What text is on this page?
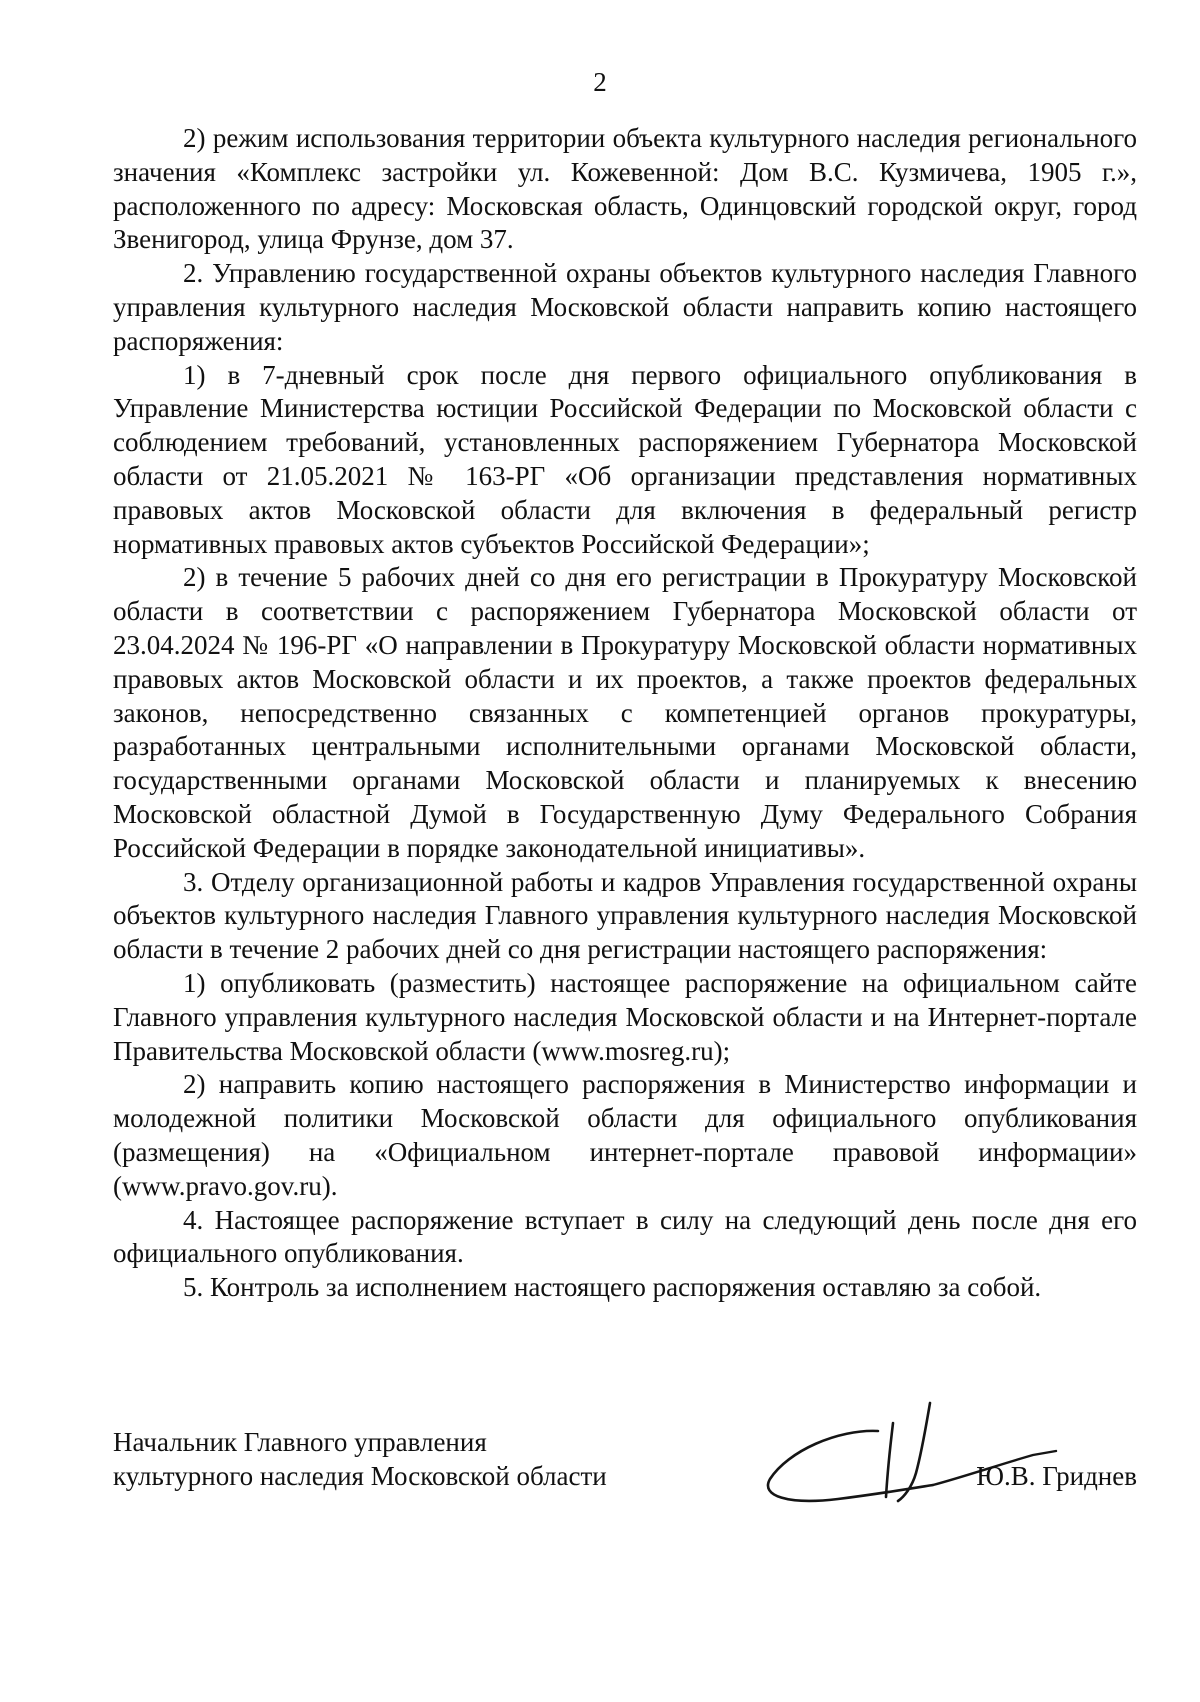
2

2) режим использования территории объекта культурного наследия регионального значения «Комплекс застройки ул. Кожевенной: Дом В.С. Кузмичева, 1905 г.», расположенного по адресу: Московская область, Одинцовский городской округ, город Звенигород, улица Фрунзе, дом 37.

2. Управлению государственной охраны объектов культурного наследия Главного управления культурного наследия Московской области направить копию настоящего распоряжения:

1) в 7-дневный срок после дня первого официального опубликования в Управление Министерства юстиции Российской Федерации по Московской области с соблюдением требований, установленных распоряжением Губернатора Московской области от 21.05.2021 № 163-РГ «Об организации представления нормативных правовых актов Московской области для включения в федеральный регистр нормативных правовых актов субъектов Российской Федерации»;

2) в течение 5 рабочих дней со дня его регистрации в Прокуратуру Московской области в соответствии с распоряжением Губернатора Московской области от 23.04.2024 № 196-РГ «О направлении в Прокуратуру Московской области нормативных правовых актов Московской области и их проектов, а также проектов федеральных законов, непосредственно связанных с компетенцией органов прокуратуры, разработанных центральными исполнительными органами Московской области, государственными органами Московской области и планируемых к внесению Московской областной Думой в Государственную Думу Федерального Собрания Российской Федерации в порядке законодательной инициативы».

3. Отделу организационной работы и кадров Управления государственной охраны объектов культурного наследия Главного управления культурного наследия Московской области в течение 2 рабочих дней со дня регистрации настоящего распоряжения:

1) опубликовать (разместить) настоящее распоряжение на официальном сайте Главного управления культурного наследия Московской области и на Интернет-портале Правительства Московской области (www.mosreg.ru);

2) направить копию настоящего распоряжения в Министерство информации и молодежной политики Московской области для официального опубликования (размещения) на «Официальном интернет-портале правовой информации» (www.pravo.gov.ru).

4. Настоящее распоряжение вступает в силу на следующий день после дня его официального опубликования.

5. Контроль за исполнением настоящего распоряжения оставляю за собой.

Начальник Главного управления
культурного наследия Московской области	Ю.В. Гриднев
